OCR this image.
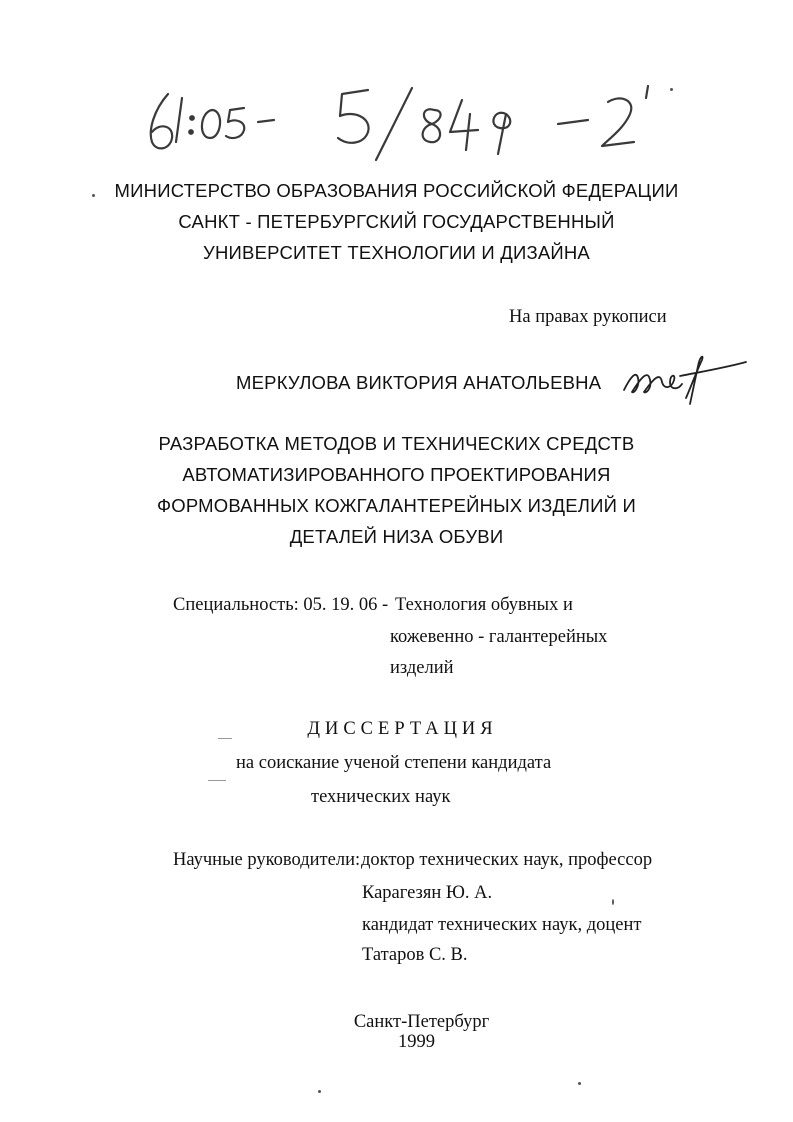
МИНИСТЕРСТВО ОБРАЗОВАНИЯ РОССИЙСКОЙ ФЕДЕРАЦИИ
САНКТ - ПЕТЕРБУРГСКИЙ ГОСУДАРСТВЕННЫЙ
УНИВЕРСИТЕТ ТЕХНОЛОГИИ И ДИЗАЙНА
На правах рукописи
МЕРКУЛОВА ВИКТОРИЯ АНАТОЛЬЕВНА
РАЗРАБОТКА МЕТОДОВ И ТЕХНИЧЕСКИХ СРЕДСТВ
АВТОМАТИЗИРОВАННОГО ПРОЕКТИРОВАНИЯ
ФОРМОВАННЫХ КОЖГАЛАНТЕРЕЙНЫХ ИЗДЕЛИЙ И
ДЕТАЛЕЙ НИЗА ОБУВИ
Специальность: 05. 19. 06 - Технология обувных и
кожевенно - галантерейных
изделий
ДИССЕРТАЦИЯ
на соискание ученой степени кандидата
технических наук
Научные руководители: доктор технических наук, профессор
Карагезян Ю. А.
кандидат технических наук, доцент
Татаров С. В.
Санкт-Петербург
1999
